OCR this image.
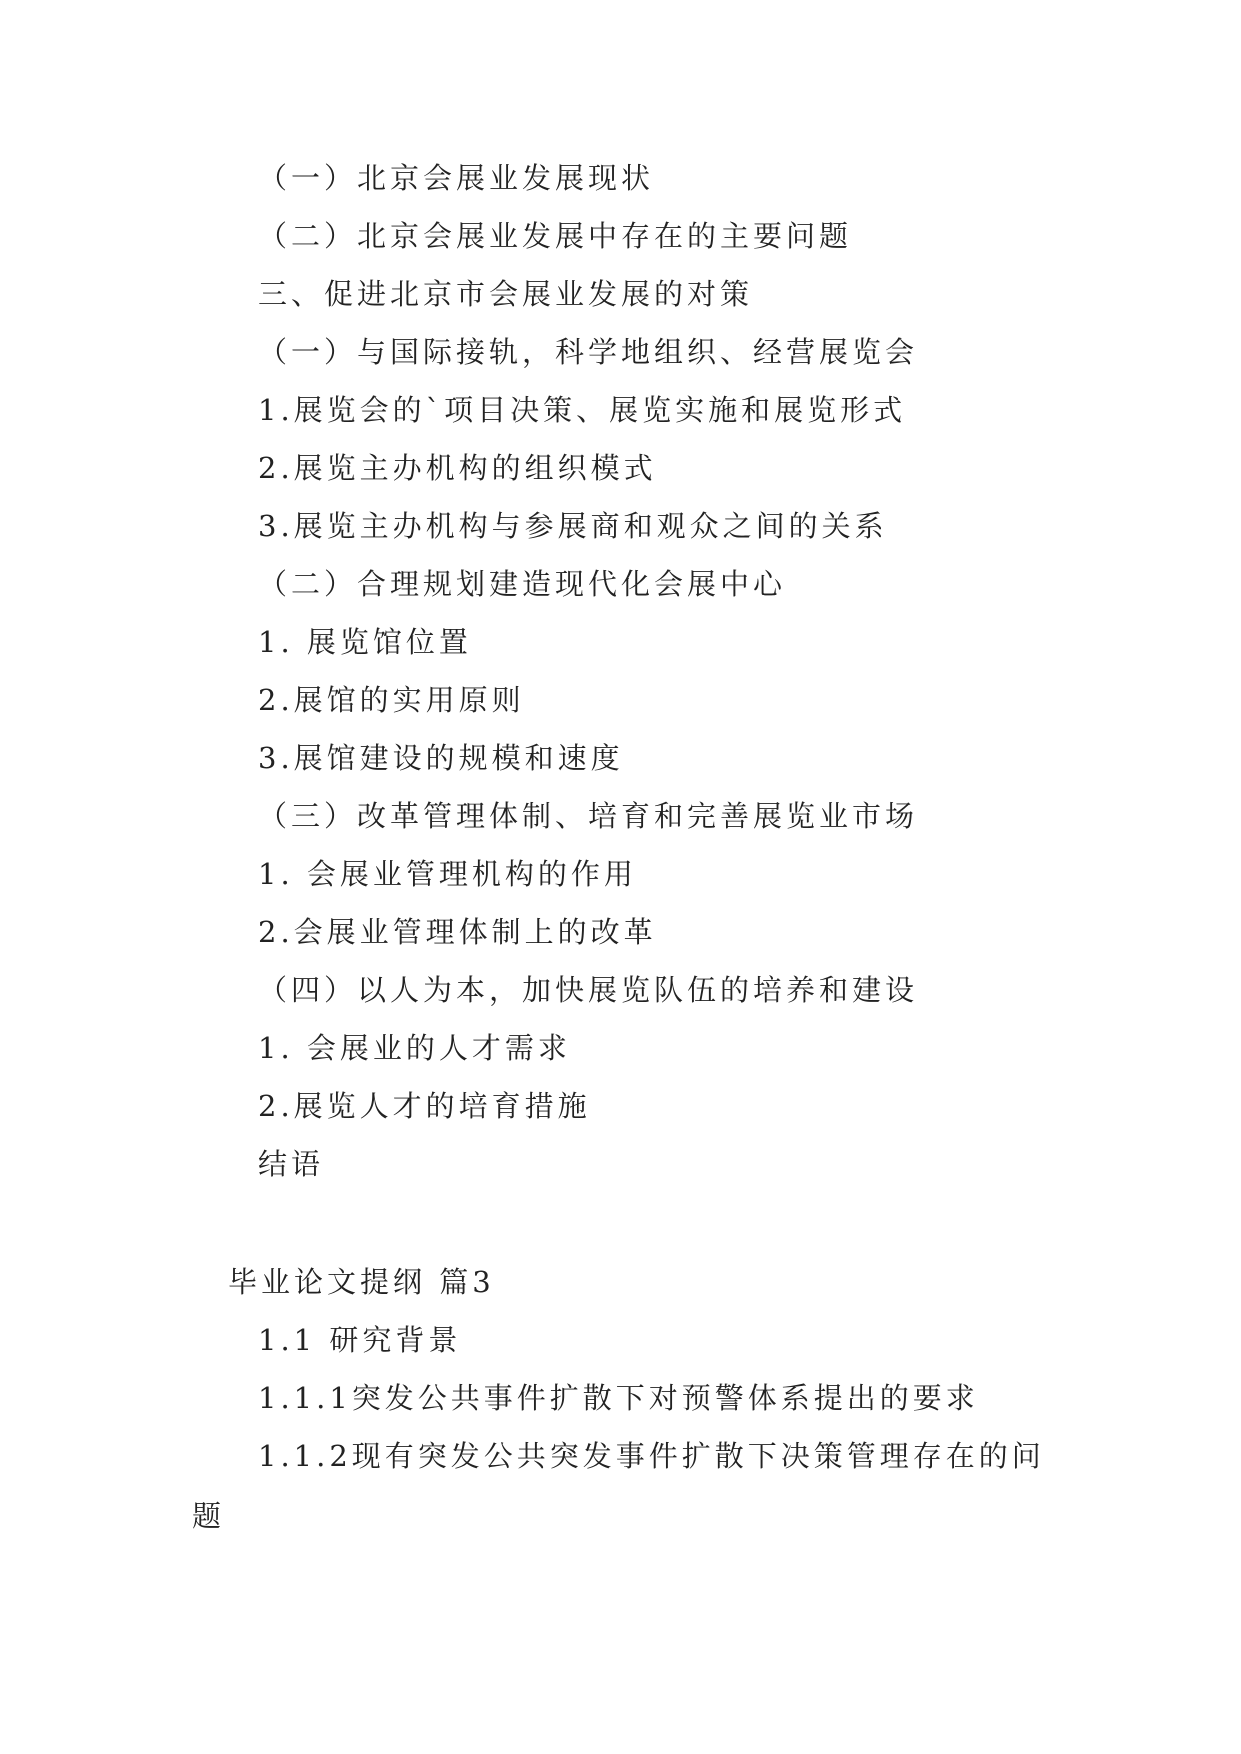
（一）北京会展业发展现状
（二）北京会展业发展中存在的主要问题
三、促进北京市会展业发展的对策
（一）与国际接轨，科学地组织、经营展览会
1.展览会的`项目决策、展览实施和展览形式
2.展览主办机构的组织模式
3.展览主办机构与参展商和观众之间的关系
（二）合理规划建造现代化会展中心
1. 展览馆位置
2.展馆的实用原则
3.展馆建设的规模和速度
（三）改革管理体制、培育和完善展览业市场
1. 会展业管理机构的作用
2.会展业管理体制上的改革
（四）以人为本，加快展览队伍的培养和建设
1. 会展业的人才需求
2.展览人才的培育措施
结语
毕业论文提纲 篇3
1.1 研究背景
1.1.1突发公共事件扩散下对预警体系提出的要求
1.1.2现有突发公共突发事件扩散下决策管理存在的问
题
